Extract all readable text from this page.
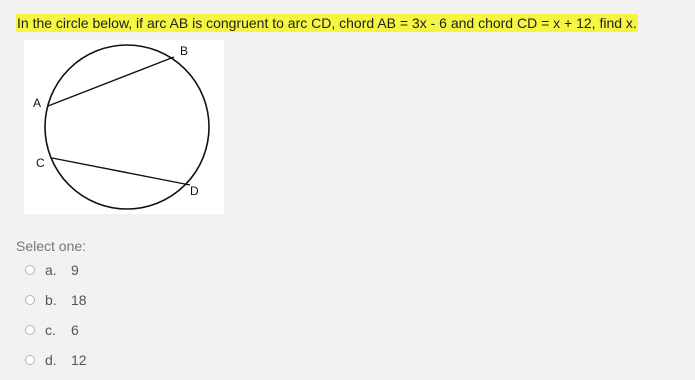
In the circle below, if arc AB is congruent to arc CD, chord AB = 3x - 6 and chord CD = x + 12, find x.
A
B
C
D
Select one:
a.	9
b.	18
c.	6
d.	12
